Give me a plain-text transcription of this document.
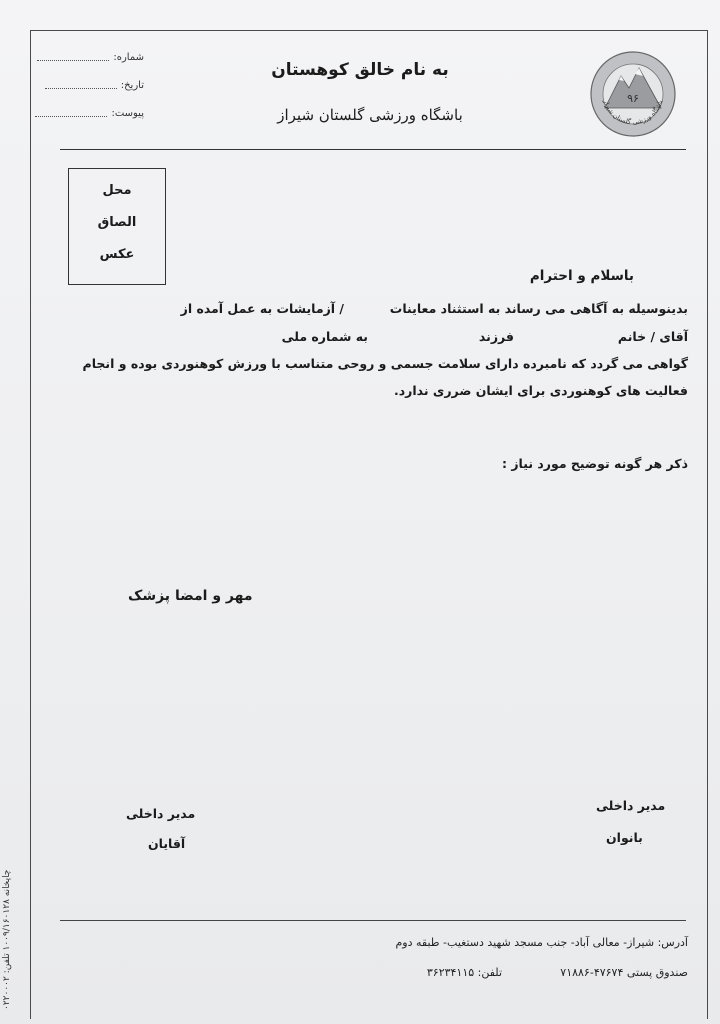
شماره:
تاریخ:
پیوست:
به نام خالق کوهستان
باشگاه ورزشی گلستان شیراز
۹۶
باشگاه ورزشی گلستان شیراز
محل
الصاق
عکس
باسلام و احترام
بدینوسیله به آگاهی می رساند به استثناد معاینات
/ آزمایشات به عمل آمده از
آقای / خانم
فرزند
به شماره ملی
گواهی می گردد که نامبرده دارای سلامت جسمی و روحی متناسب با ورزش کوهنوردی بوده و انجام
فعالیت های کوهنوردی برای ایشان ضرری ندارد.
ذکر هر گونه توضیح مورد نیاز :
مهر و امضا پزشک
مدیر داخلی
بانوان
مدیر داخلی
آقایان
آدرس: شیراز- معالی آباد- جنب مسجد شهید دستغیب- طبقه دوم
صندوق پستی ۴۷۶۷۴-۷۱۸۸۶
تلفن: ۳۶۲۳۴۱۱۵
چاپخانه ۱۰۰۹/۱۶۰۱۲۸ تلفن: ۰۲۲۰۰۰۲
